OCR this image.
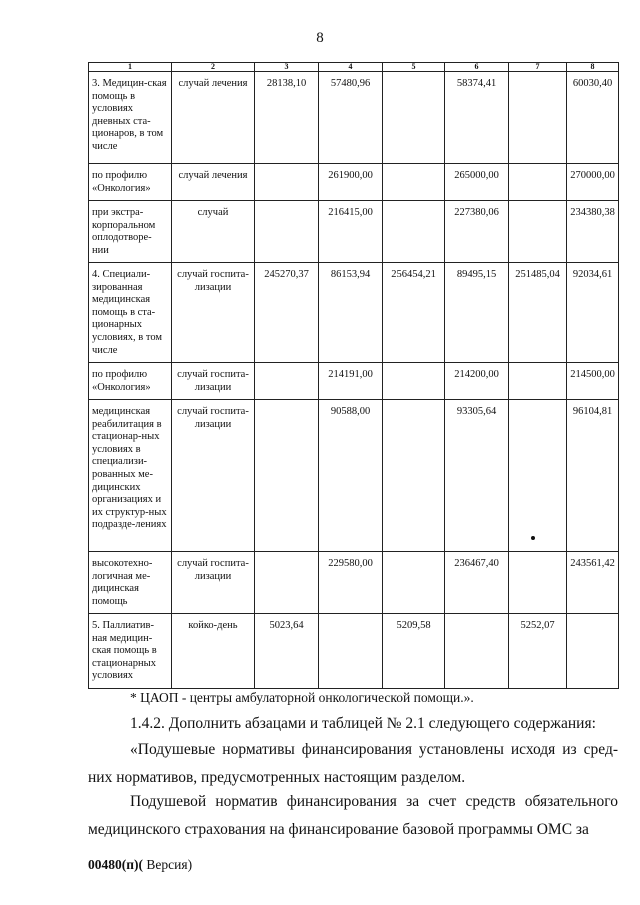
8
1	2	3	4	5	6	7	8
3. Медицин-ская помощь в условиях дневных ста-ционаров, в том числе	случай лечения	28138,10	57480,96		58374,41		60030,40
по профилю «Онкология»	случай лечения		261900,00		265000,00		270000,00
при экстра-корпоральном оплодотворе-нии	случай		216415,00		227380,06		234380,38
4. Специали-зированная медицинская помощь в ста-ционарных условиях, в том числе	случай госпита-лизации	245270,37	86153,94	256454,21	89495,15	251485,04	92034,61
по профилю «Онкология»	случай госпита-лизации		214191,00		214200,00		214500,00
медицинская реабилитация в стационар-ных условиях в специализи-рованных ме-дицинских организациях и их структур-ных подразде-лениях	случай госпита-лизации		90588,00		93305,64		96104,81
высокотехно-логичная ме-дицинская помощь	случай госпита-лизации		229580,00		236467,40		243561,42
5. Паллиатив-ная медицин-ская помощь в стационарных условиях	койко-день	5023,64		5209,58		5252,07	
* ЦАОП - центры амбулаторной онкологической помощи.».

1.4.2. Дополнить абзацами и таблицей № 2.1 следующего содержания:

«Подушевые нормативы финансирования установлены исходя из сред-них нормативов, предусмотренных настоящим разделом.

Подушевой норматив финансирования за счет средств обязательного медицинского страхования на финансирование базовой программы ОМС за

00480(п)( Версия)
